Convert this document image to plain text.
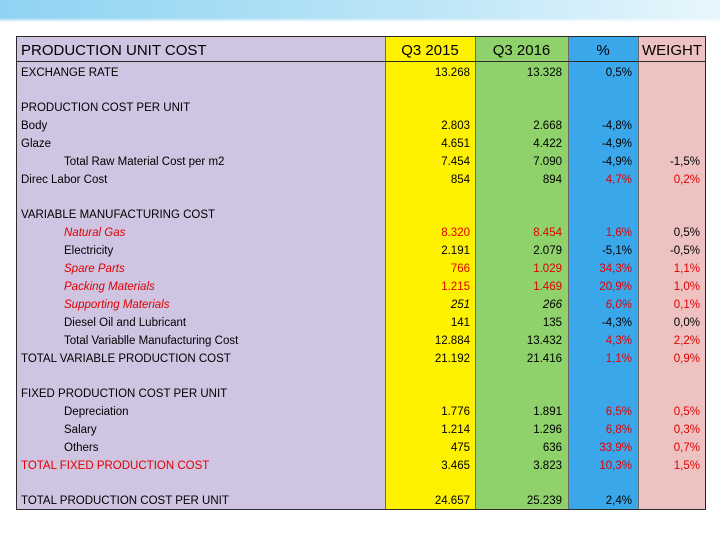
PRODUCTION UNIT COST	Q3 2015	Q3 2016	%	WEIGHT
EXCHANGE RATE	13.268	13.328	0,5%
PRODUCTION COST PER UNIT
Body	2.803	2.668	-4,8%
Glaze	4.651	4.422	-4,9%
Total Raw Material Cost per m2	7.454	7.090	-4,9%	-1,5%
Direc Labor Cost	854	894	4,7%	0,2%
VARIABLE MANUFACTURING COST
Natural Gas	8.320	8.454	1,6%	0,5%
Electricity	2.191	2.079	-5,1%	-0,5%
Spare Parts	766	1.029	34,3%	1,1%
Packing Materials	1.215	1.469	20,9%	1,0%
Supporting Materials	251	266	6,0%	0,1%
Diesel Oil and Lubricant	141	135	-4,3%	0,0%
Total Variablle Manufacturing Cost	12.884	13.432	4,3%	2,2%
TOTAL VARIABLE PRODUCTION COST	21.192	21.416	1,1%	0,9%
FIXED PRODUCTION COST PER UNIT
Depreciation	1.776	1.891	6,5%	0,5%
Salary	1.214	1.296	6,8%	0,3%
Others	475	636	33,9%	0,7%
TOTAL FIXED PRODUCTION COST	3.465	3.823	10,3%	1,5%
TOTAL PRODUCTION COST PER UNIT	24.657	25.239	2,4%
